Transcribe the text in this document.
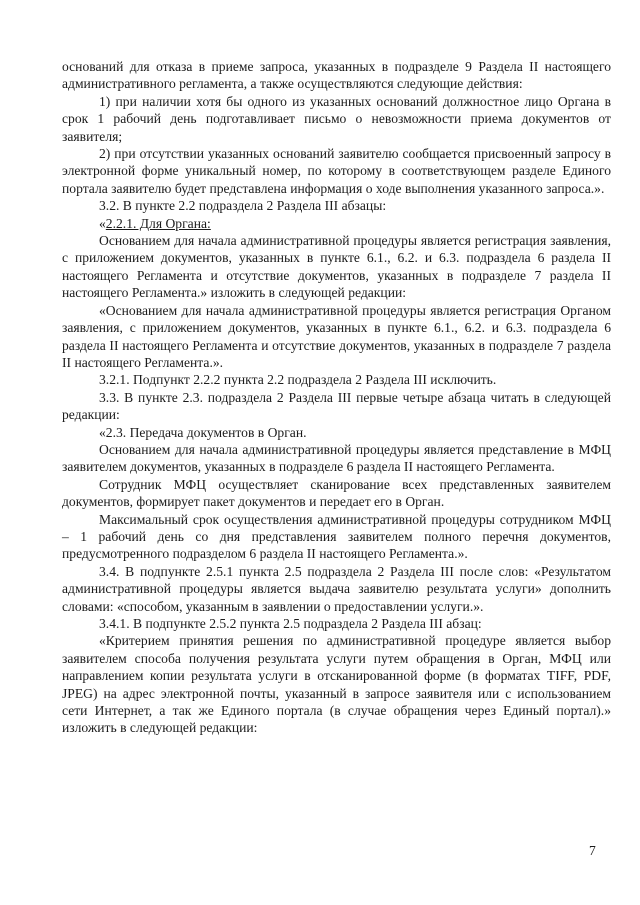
оснований для отказа в приеме запроса, указанных в подразделе 9 Раздела II настоящего административного регламента, а также осуществляются следующие действия:

1) при наличии хотя бы одного из указанных оснований должностное лицо Органа в срок 1 рабочий день подготавливает письмо о невозможности приема документов от заявителя;

2) при отсутствии указанных оснований заявителю сообщается присвоенный запросу в электронной форме уникальный номер, по которому в соответствующем разделе Единого портала заявителю будет представлена информация о ходе выполнения указанного запроса.».

3.2. В пункте 2.2 подраздела 2 Раздела III абзацы:

«2.2.1. Для Органа:

Основанием для начала административной процедуры является регистрация заявления, с приложением документов, указанных в пункте 6.1., 6.2. и 6.3. подраздела 6 раздела II настоящего Регламента и отсутствие документов, указанных в подразделе 7 раздела II настоящего Регламента.» изложить в следующей редакции:

«Основанием для начала административной процедуры является регистрация Органом заявления, с приложением документов, указанных в пункте 6.1., 6.2. и 6.3. подраздела 6 раздела II настоящего Регламента и отсутствие документов, указанных в подразделе 7 раздела II настоящего Регламента.».

3.2.1. Подпункт 2.2.2 пункта 2.2 подраздела 2 Раздела III исключить.

3.3. В пункте 2.3. подраздела 2 Раздела III первые четыре абзаца читать в следующей редакции:

«2.3. Передача документов в Орган.

Основанием для начала административной процедуры является представление в МФЦ заявителем документов, указанных в подразделе 6 раздела II настоящего Регламента.

Сотрудник МФЦ осуществляет сканирование всех представленных заявителем документов, формирует пакет документов и передает его в Орган.

Максимальный срок осуществления административной процедуры сотрудником МФЦ – 1 рабочий день со дня представления заявителем полного перечня документов, предусмотренного подразделом 6 раздела II настоящего Регламента.».

3.4. В подпункте 2.5.1 пункта 2.5 подраздела 2 Раздела III после слов: «Результатом административной процедуры является выдача заявителю результата услуги» дополнить словами: «способом, указанным в заявлении о предоставлении услуги.».

3.4.1. В подпункте 2.5.2 пункта 2.5 подраздела 2 Раздела III абзац:

«Критерием принятия решения по административной процедуре является выбор заявителем способа получения результата услуги путем обращения в Орган, МФЦ или направлением копии результата услуги в отсканированной форме (в форматах TIFF, PDF, JPEG) на адрес электронной почты, указанный в запросе заявителя или с использованием сети Интернет, а так же Единого портала (в случае обращения через Единый портал).» изложить в следующей редакции:

7
